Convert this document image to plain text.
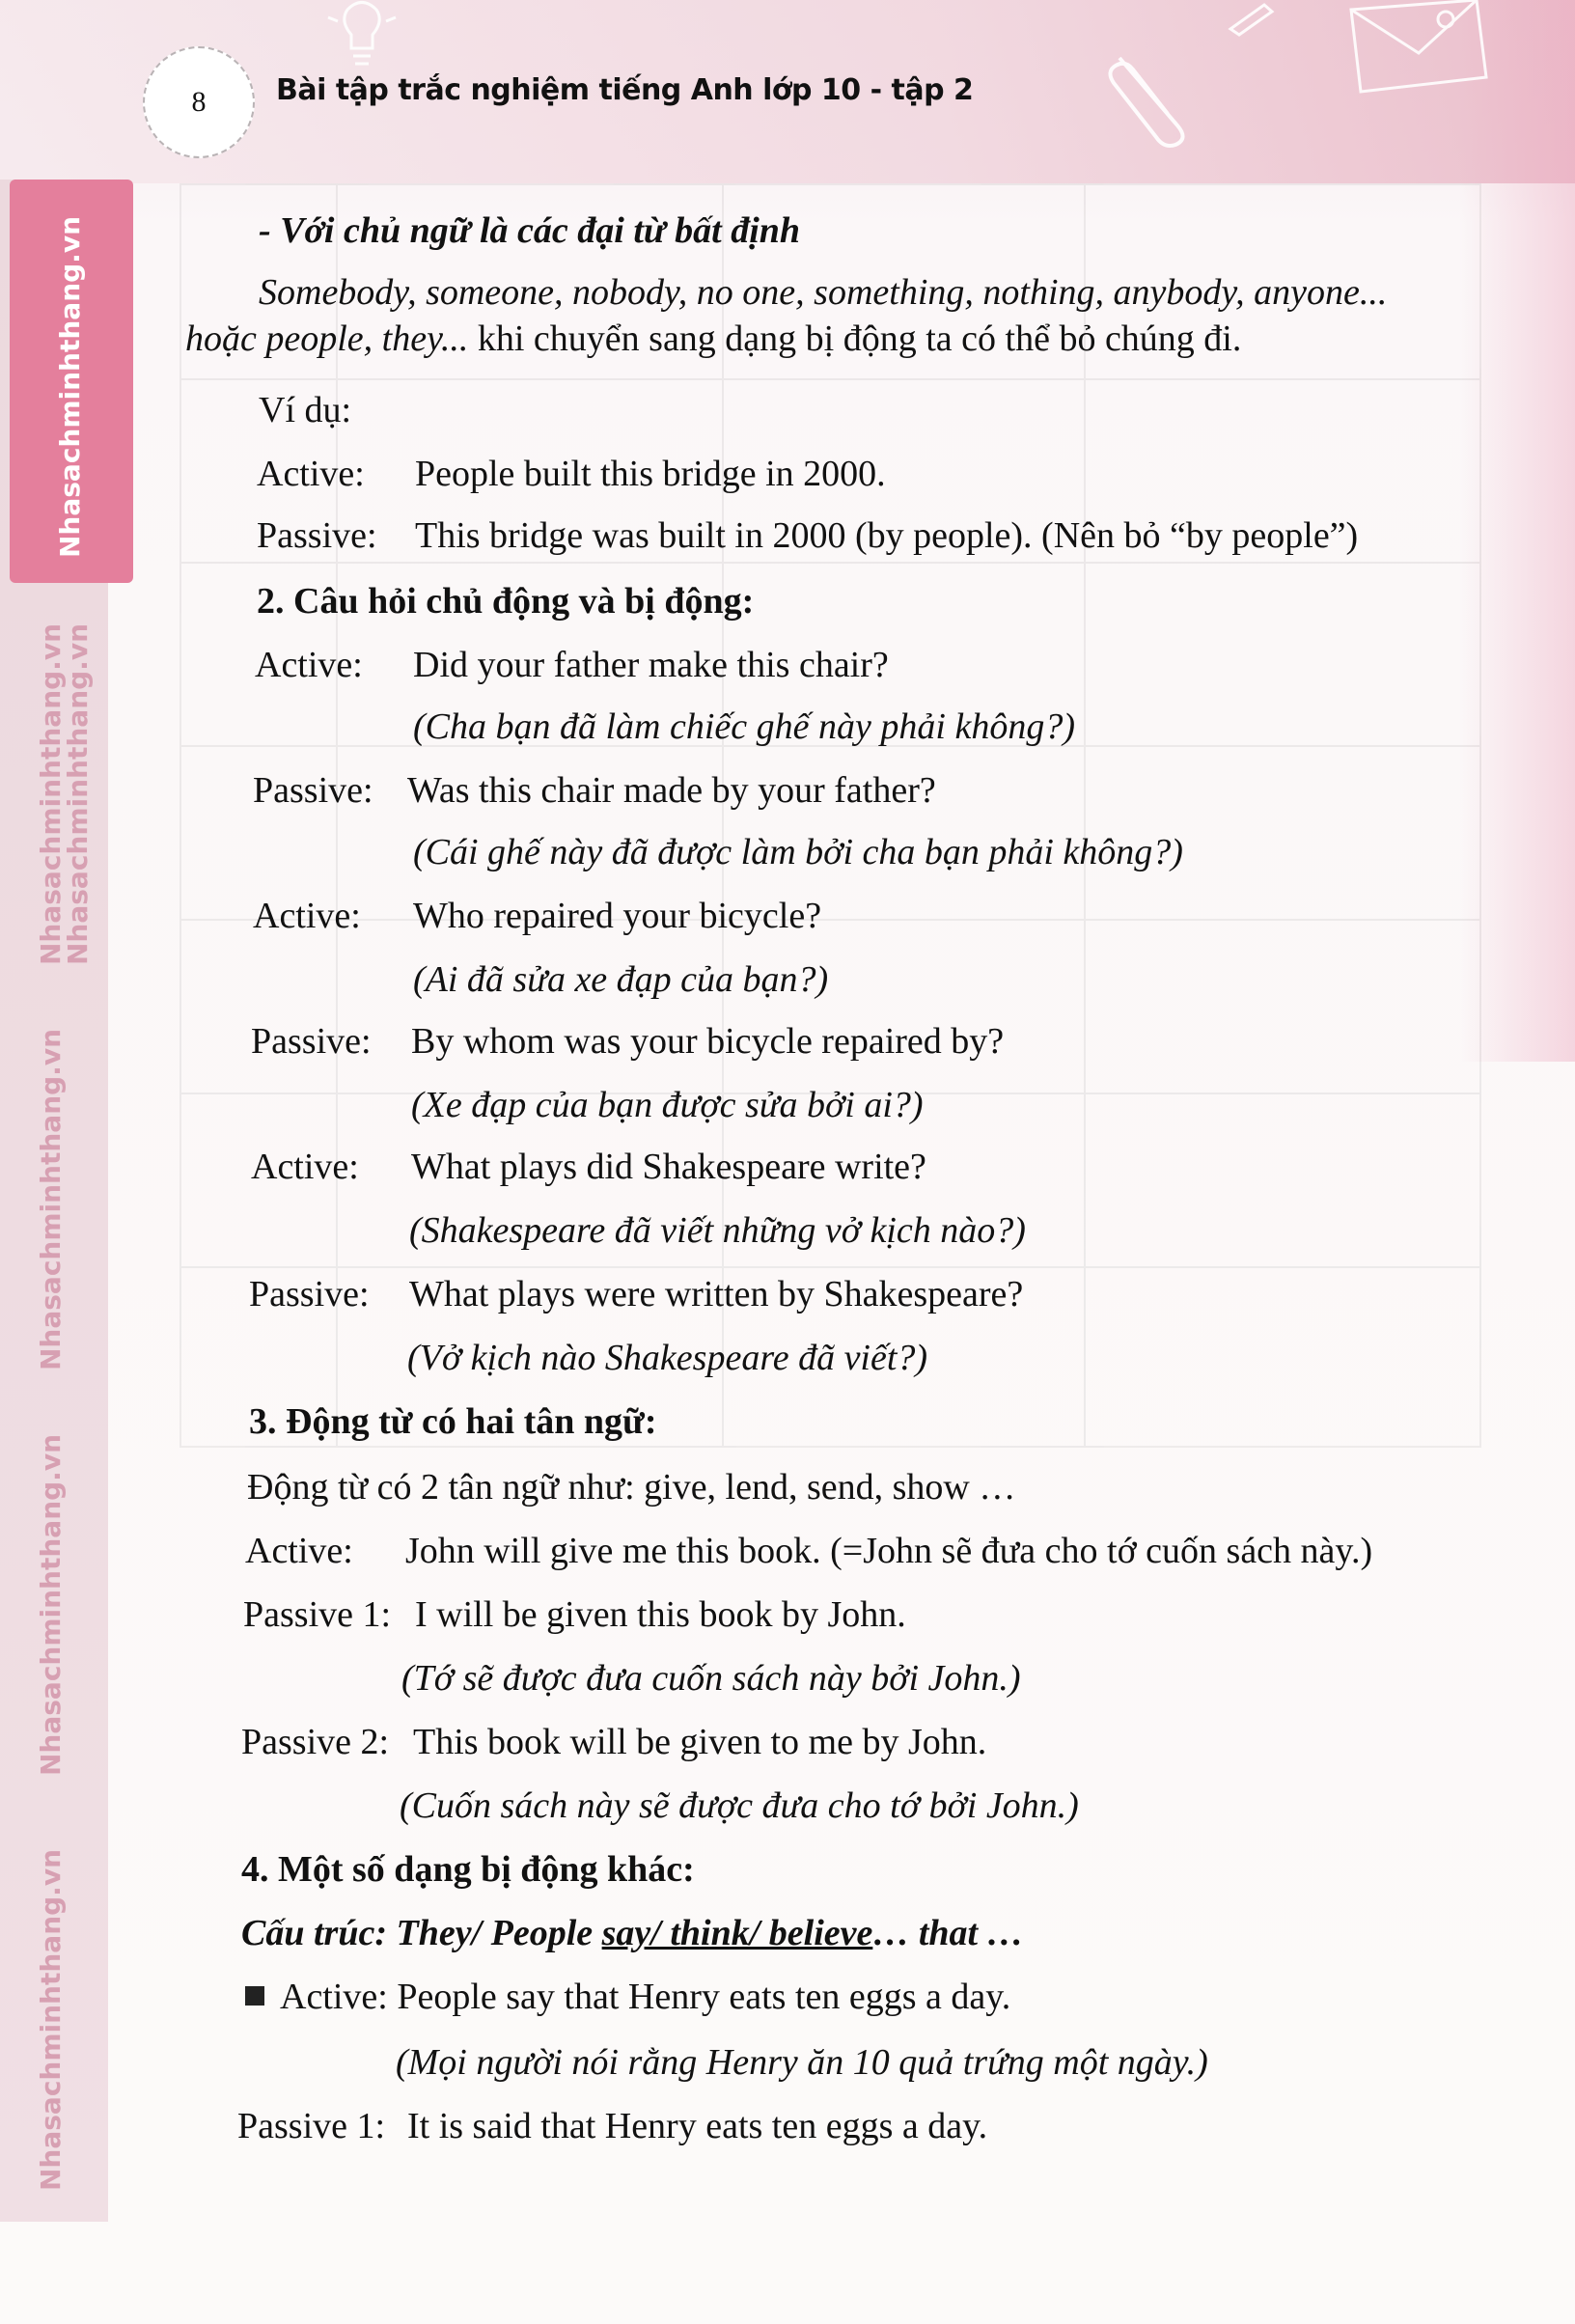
8	Bài tập trắc nghiệm tiếng Anh lớp 10 - tập 2
Nhasachminhthang.vn
Nhasachminhthang.vn
Nhasachminhthang.vn
Nhasachminhthang.vn
Nhasachminhthang.vn
Nhasachminhthang.vn
- Với chủ ngữ là các đại từ bất định
Somebody, someone, nobody, no one, something, nothing, anybody, anyone...
hoặc people, they... khi chuyển sang dạng bị động ta có thể bỏ chúng đi.
Ví dụ:
Active: People built this bridge in 2000.
Passive: This bridge was built in 2000 (by people). (Nên bỏ “by people”)
2. Câu hỏi chủ động và bị động:
Active: Did your father make this chair?
(Cha bạn đã làm chiếc ghế này phải không?)
Passive: Was this chair made by your father?
(Cái ghế này đã được làm bởi cha bạn phải không?)
Active: Who repaired your bicycle?
(Ai đã sửa xe đạp của bạn?)
Passive: By whom was your bicycle repaired by?
(Xe đạp của bạn được sửa bởi ai?)
Active: What plays did Shakespeare write?
(Shakespeare đã viết những vở kịch nào?)
Passive: What plays were written by Shakespeare?
(Vở kịch nào Shakespeare đã viết?)
3. Động từ có hai tân ngữ:
Động từ có 2 tân ngữ như: give, lend, send, show …
Active: John will give me this book. (=John sẽ đưa cho tớ cuốn sách này.)
Passive 1: I will be given this book by John.
(Tớ sẽ được đưa cuốn sách này bởi John.)
Passive 2: This book will be given to me by John.
(Cuốn sách này sẽ được đưa cho tớ bởi John.)
4. Một số dạng bị động khác:
Cấu trúc: They/ People say/ think/ believe… that …
Active: People say that Henry eats ten eggs a day.
(Mọi người nói rằng Henry ăn 10 quả trứng một ngày.)
Passive 1: It is said that Henry eats ten eggs a day.
